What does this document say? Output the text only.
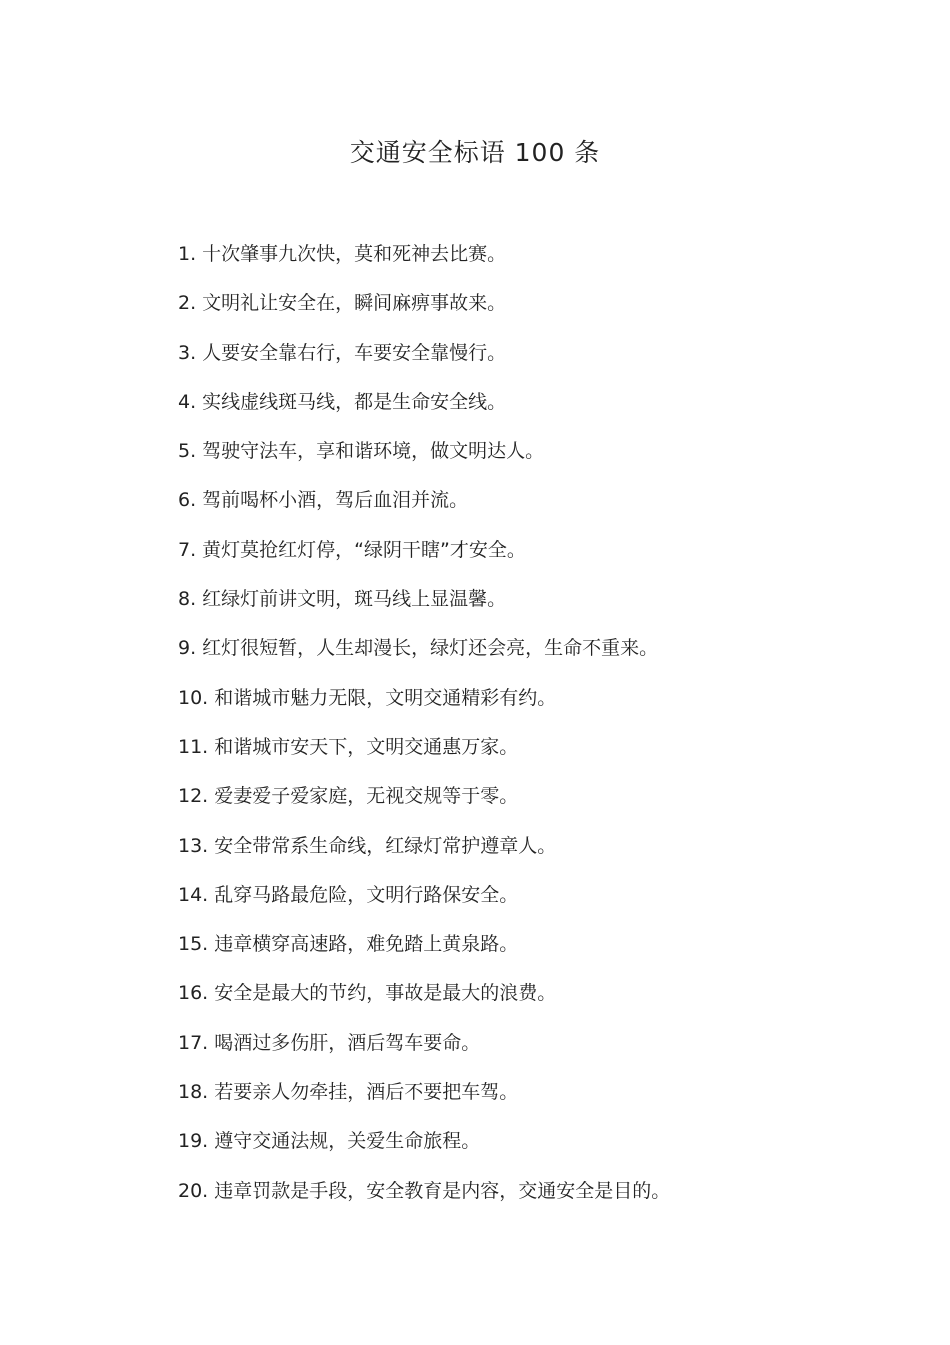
交通安全标语 100 条
1. 十次肇事九次快，莫和死神去比赛。
2. 文明礼让安全在，瞬间麻痹事故来。
3. 人要安全靠右行，车要安全靠慢行。
4. 实线虚线斑马线，都是生命安全线。
5. 驾驶守法车，享和谐环境，做文明达人。
6. 驾前喝杯小酒，驾后血泪并流。
7. 黄灯莫抢红灯停，“绿阴干瞎”才安全。
8. 红绿灯前讲文明，斑马线上显温馨。
9. 红灯很短暂，人生却漫长，绿灯还会亮，生命不重来。
10. 和谐城市魅力无限，文明交通精彩有约。
11. 和谐城市安天下，文明交通惠万家。
12. 爱妻爱子爱家庭，无视交规等于零。
13. 安全带常系生命线，红绿灯常护遵章人。
14. 乱穿马路最危险，文明行路保安全。
15. 违章横穿高速路，难免踏上黄泉路。
16. 安全是最大的节约，事故是最大的浪费。
17. 喝酒过多伤肝，酒后驾车要命。
18. 若要亲人勿牵挂，酒后不要把车驾。
19. 遵守交通法规，关爱生命旅程。
20. 违章罚款是手段，安全教育是内容，交通安全是目的。
